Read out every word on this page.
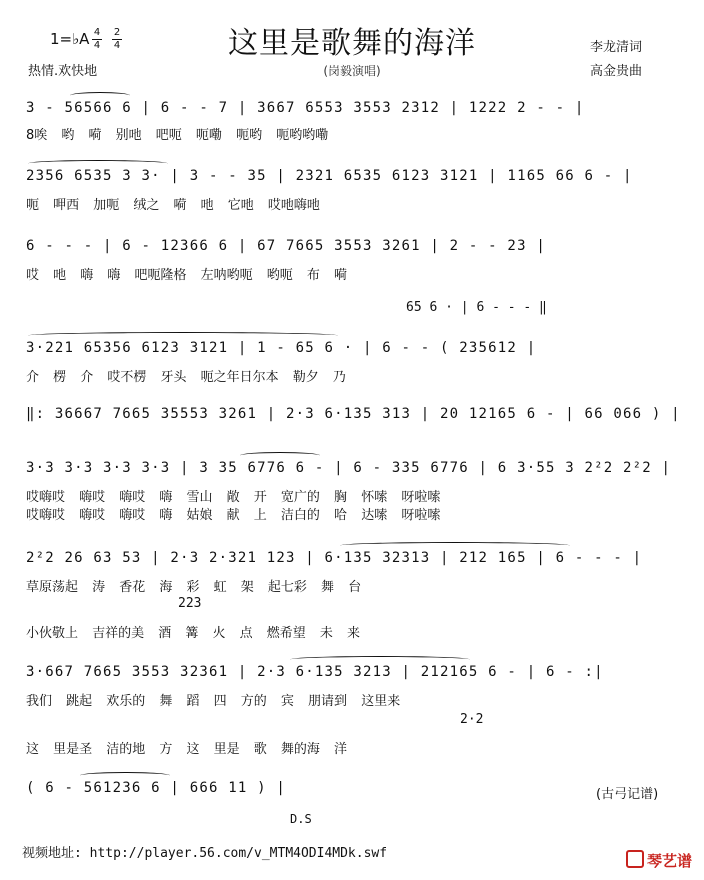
这里是歌舞的海洋
1=♭A 4
4
2
4
热情.欢快地	(岗毅演唱)
李龙清词
高金贵曲
3 - 56566 6 | 6 - - 7 | 3667 6553 3553 2312 | 1222 2 - - |
8唉 哟 嗬 别吔 吧呃 呃嘞 呃哟 呃哟哟嘞
2356 6535 3 3· | 3 - - 35 | 2321 6535 6123 3121 | 1165 66 6 - |
呃 呷西 加呃 绒之 嗬 吔 它吔 哎吔嗨吔
6 - - - | 6 - 12366 6 | 67 7665 3553 3261 | 2 - - 23 |
哎 吔 嗨 嗨 吧呃隆格 左呐哟呃 哟呃 布 嗬
65 6 · | 6 - - - ‖
3·221 65356 6123 3121 | 1 - 65 6 · | 6 - - ( 235612 |
介 楞 介 哎不楞 牙头 呃之年日尔本 勒夕 乃
‖: 36667 7665 35553 3261 | 2·3 6·135 313 | 20 12165 6 - | 66 066 ) |
3·3 3·3 3·3 3·3 | 3 35 6776 6 - | 6 - 335 6776 | 6 3·55 3 2²2 2²2 |
哎嗨哎 嗨哎 嗨哎 嗨 雪山 敞 开 宽广的 胸 怀嗦 呀啦嗦
哎嗨哎 嗨哎 嗨哎 嗨 姑娘 献 上 洁白的 哈 达嗦 呀啦嗦
2²2 26 63 53 | 2·3 2·321 123 | 6·135 32313 | 212 165 | 6 - - - |
草原荡起 涛 香花 海 彩 虹 架 起七彩 舞 台
223
小伙敬上 吉祥的美 酒 篝 火 点 燃希望 未 来
3·667 7665 3553 32361 | 2·3 6·135 3213 | 212165 6 - | 6 - :|
我们 跳起 欢乐的 舞 蹈 四 方的 宾 朋请到 这里来
2·2
这 里是圣 洁的地 方 这 里是 歌 舞的海 洋
( 6 - 561236 6 | 666 11 ) |	(古弓记谱)
D.S
视频地址: http://player.56.com/v_MTM4ODI4MDk.swf	琴艺谱
